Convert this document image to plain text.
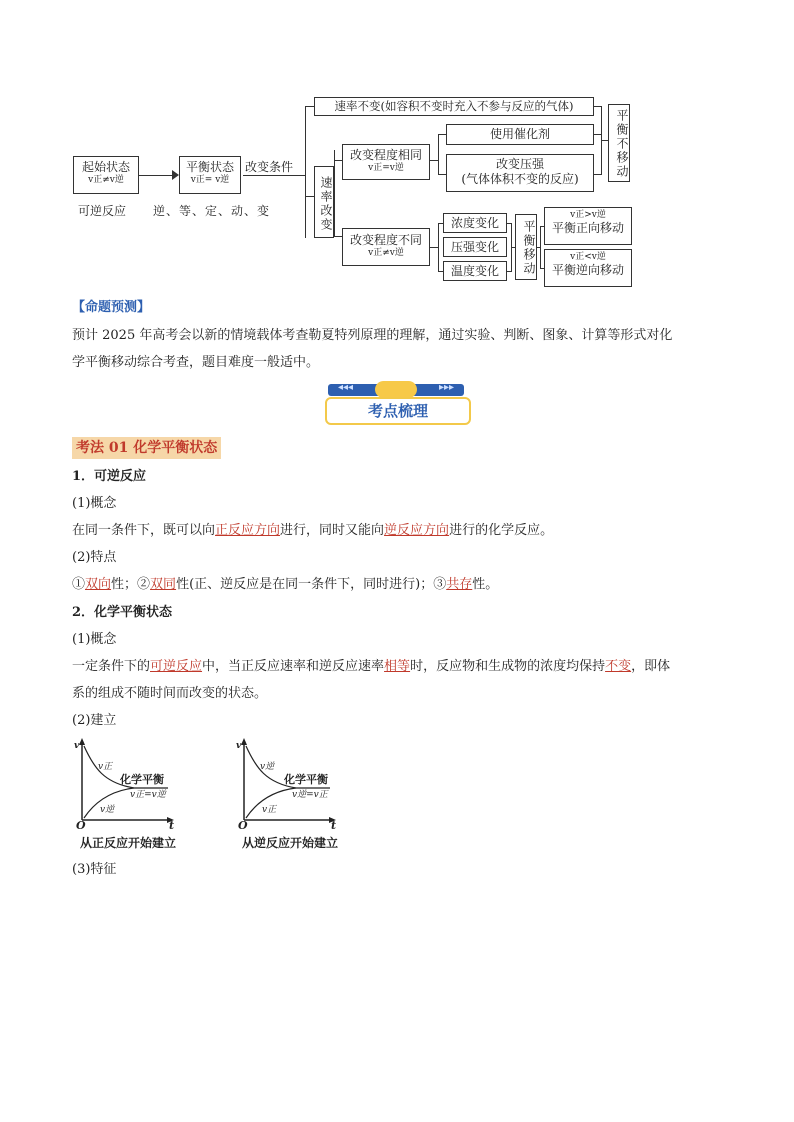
起始状态
v正≠v逆
可逆反应
平衡状态
v正= v逆
逆、等、定、动、变
改变条件
速率不变(如容积不变时充入不参与反应的气体)
速率改变
改变程度相同
v正=v逆
使用催化剂
改变压强
(气体体积不变的反应)	平衡不移动
改变程度不同
v正≠v逆
浓度变化
压强变化
温度变化	平衡移动
v正>v逆
平衡正向移动
v正<v逆
平衡逆向移动
【命题预测】
预计 2025 年高考会以新的情境载体考查勒夏特列原理的理解，通过实验、判断、图象、计算等形式对化
学平衡移动综合考查，题目难度一般适中。
◂◂◂	▸▸▸
考点梳理
考法 01 化学平衡状态
1．可逆反应
(1)概念
在同一条件下，既可以向正反应方向进行，同时又能向逆反应方向进行的化学反应。
(2)特点
①双向性；②双同性(正、逆反应是在同一条件下，同时进行)；③共存性。
2．化学平衡状态
(1)概念
一定条件下的可逆反应中，当正反应速率和逆反应速率相等时，反应物和生成物的浓度均保持不变，即体
系的组成不随时间而改变的状态。
(2)建立
v
t
O
v正
v逆
化学平衡
v正=v逆
从正反应开始建立
v
t
O
v逆
v正
化学平衡
v逆=v正
从逆反应开始建立
(3)特征
